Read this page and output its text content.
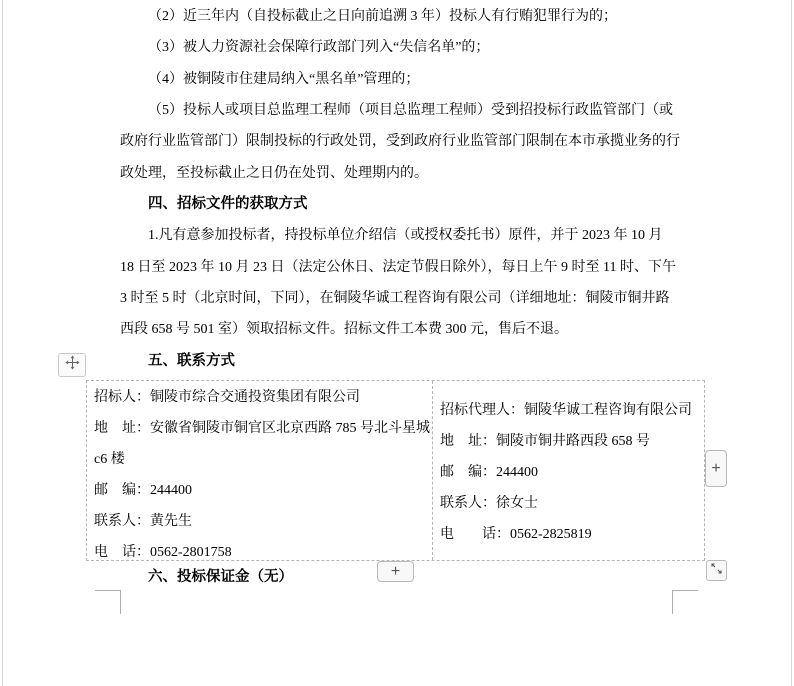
（2）近三年内（自投标截止之日向前追溯 3 年）投标人有行贿犯罪行为的；
（3）被人力资源社会保障行政部门列入“失信名单”的；
（4）被铜陵市住建局纳入“黑名单”管理的；
（5）投标人或项目总监理工程师（项目总监理工程师）受到招投标行政监管部门（或
政府行业监管部门）限制投标的行政处罚，受到政府行业监管部门限制在本市承揽业务的行
政处理，至投标截止之日仍在处罚、处理期内的。
四、招标文件的获取方式
1.凡有意参加投标者，持投标单位介绍信（或授权委托书）原件，并于 2023 年 10 月
18 日至 2023 年 10 月 23 日（法定公休日、法定节假日除外），每日上午 9 时至 11 时、下午
3 时至 5 时（北京时间，下同），在铜陵华诚工程咨询有限公司（详细地址：铜陵市铜井路
西段 658 号 501 室）领取招标文件。招标文件工本费 300 元，售后不退。
五、联系方式
招标人：铜陵市综合交通投资集团有限公司
地　址：安徽省铜陵市铜官区北京西路 785 号北斗星城
c6 楼
邮　编：244400
联系人：黄先生
电　话：0562-2801758
招标代理人：铜陵华诚工程咨询有限公司
地　址：铜陵市铜井路西段 658 号
邮　编：244400
联系人：徐女士
电　　话：0562-2825819
六、投标保证金（无）
+
+
